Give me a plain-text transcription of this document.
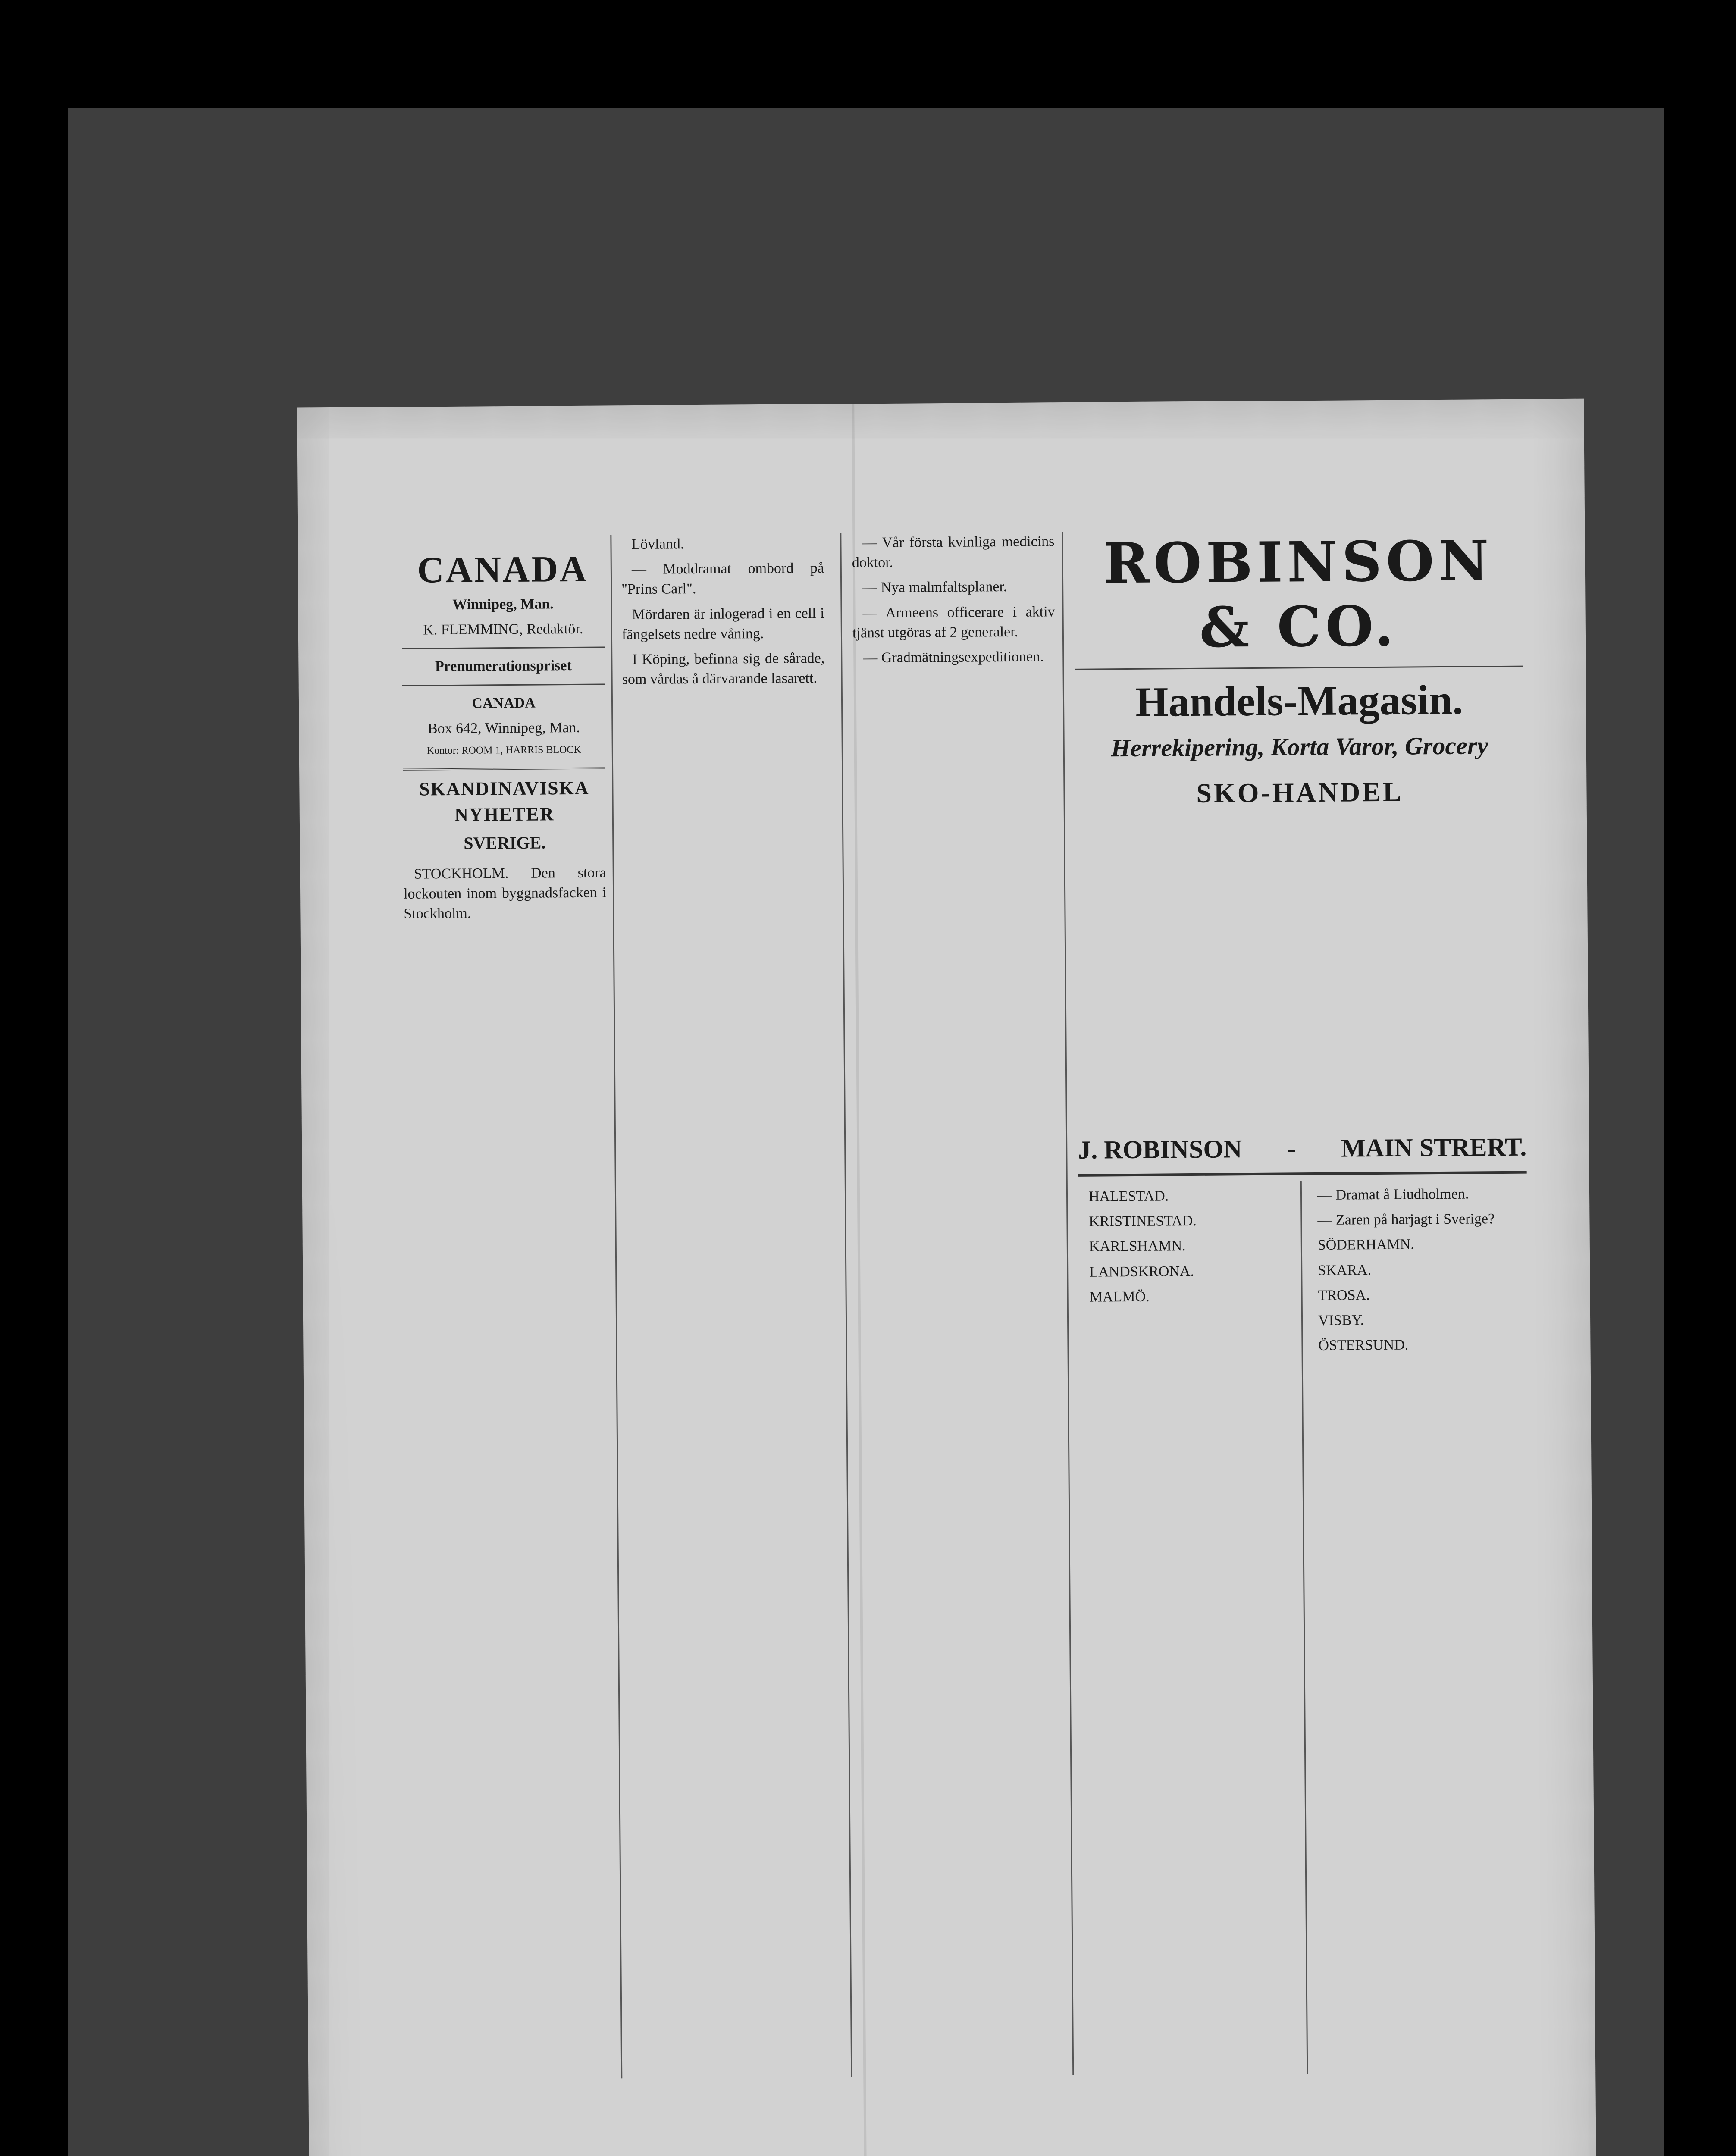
CANADA

Winnipeg, Man.

K. FLEMMING, Redaktör.

Prenumerationspriset

CANADA

Box 642, Winnipeg, Man.

Kontor: ROOM 1, HARRIS BLOCK

SKANDINAVISKA NYHETER
SVERIGE.

STOCKHOLM. Den stora lockouten inom byggnadsfacken i Stockholm.

Lövland.

— Moddramat ombord på "Prins Carl".

Mördaren är inlogerad i en cell i fängelsets nedre våning.

I Köping, befinna sig de sårade, som vårdas å därvarande lasarett.

— Vår första kvinliga medicins doktor.

— Nya malmfaltsplaner.

— Armeens officerare i aktiv tjänst utgöras af 2 generaler.

— Gradmätningsexpeditionen.

ROBINSON & CO.
Handels-Magasin.
Herrekipering, Korta Varor, Grocery
SKO-HANDEL
J. ROBINSON - MAIN STRERT.

HALESTAD.

KRISTINESTAD.

KARLSHAMN.

LANDSKRONA.

MALMÖ.

— Dramat å Liudholmen.

— Zaren på harjagt i Sverige?

SÖDERHAMN.

SKARA.

TROSA.

VISBY.

ÖSTERSUND.
